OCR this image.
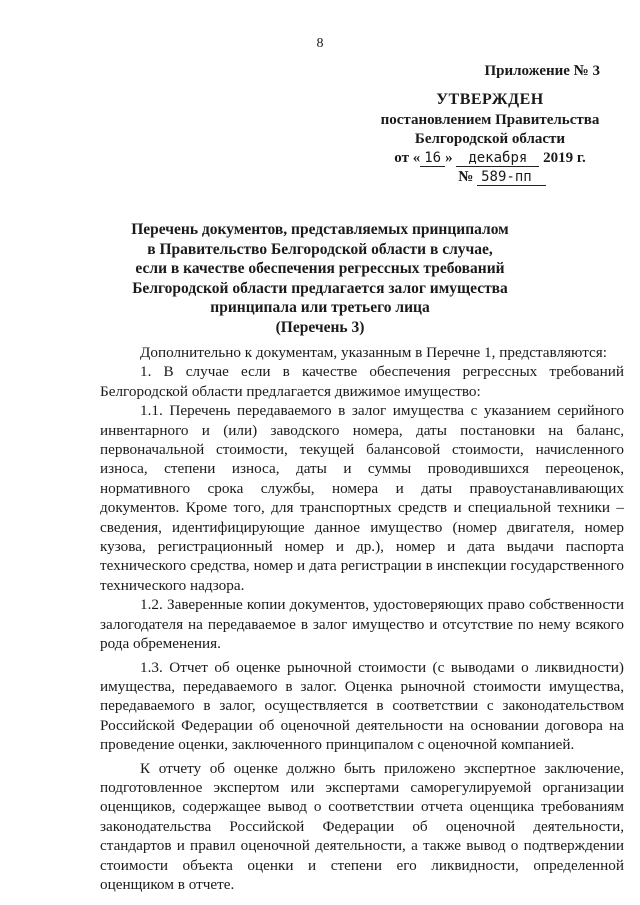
8
Приложение № 3
УТВЕРЖДЕН
постановлением Правительства
Белгородской области
от « 16 » декабря 2019 г.
№ 589-пп
Перечень документов, представляемых принципалом
в Правительство Белгородской области в случае,
если в качестве обеспечения регрессных требований
Белгородской области предлагается залог имущества
принципала или третьего лица
(Перечень 3)

Дополнительно к документам, указанным в Перечне 1, представляются:

1. В случае если в качестве обеспечения регрессных требований Белгородской области предлагается движимое имущество:

1.1. Перечень передаваемого в залог имущества с указанием серийного инвентарного и (или) заводского номера, даты постановки на баланс, первоначальной стоимости, текущей балансовой стоимости, начисленного износа, степени износа, даты и суммы проводившихся переоценок, нормативного срока службы, номера и даты правоустанавливающих документов. Кроме того, для транспортных средств и специальной техники – сведения, идентифицирующие данное имущество (номер двигателя, номер кузова, регистрационный номер и др.), номер и дата выдачи паспорта технического средства, номер и дата регистрации в инспекции государственного технического надзора.

1.2. Заверенные копии документов, удостоверяющих право собственности залогодателя на передаваемое в залог имущество и отсутствие по нему всякого рода обременения.

1.3. Отчет об оценке рыночной стоимости (с выводами о ликвидности) имущества, передаваемого в залог. Оценка рыночной стоимости имущества, передаваемого в залог, осуществляется в соответствии с законодательством Российской Федерации об оценочной деятельности на основании договора на проведение оценки, заключенного принципалом с оценочной компанией.

К отчету об оценке должно быть приложено экспертное заключение, подготовленное экспертом или экспертами саморегулируемой организации оценщиков, содержащее вывод о соответствии отчета оценщика требованиям законодательства Российской Федерации об оценочной деятельности, стандартов и правил оценочной деятельности, а также вывод о подтверждении стоимости объекта оценки и степени его ликвидности, определенной оценщиком в отчете.
